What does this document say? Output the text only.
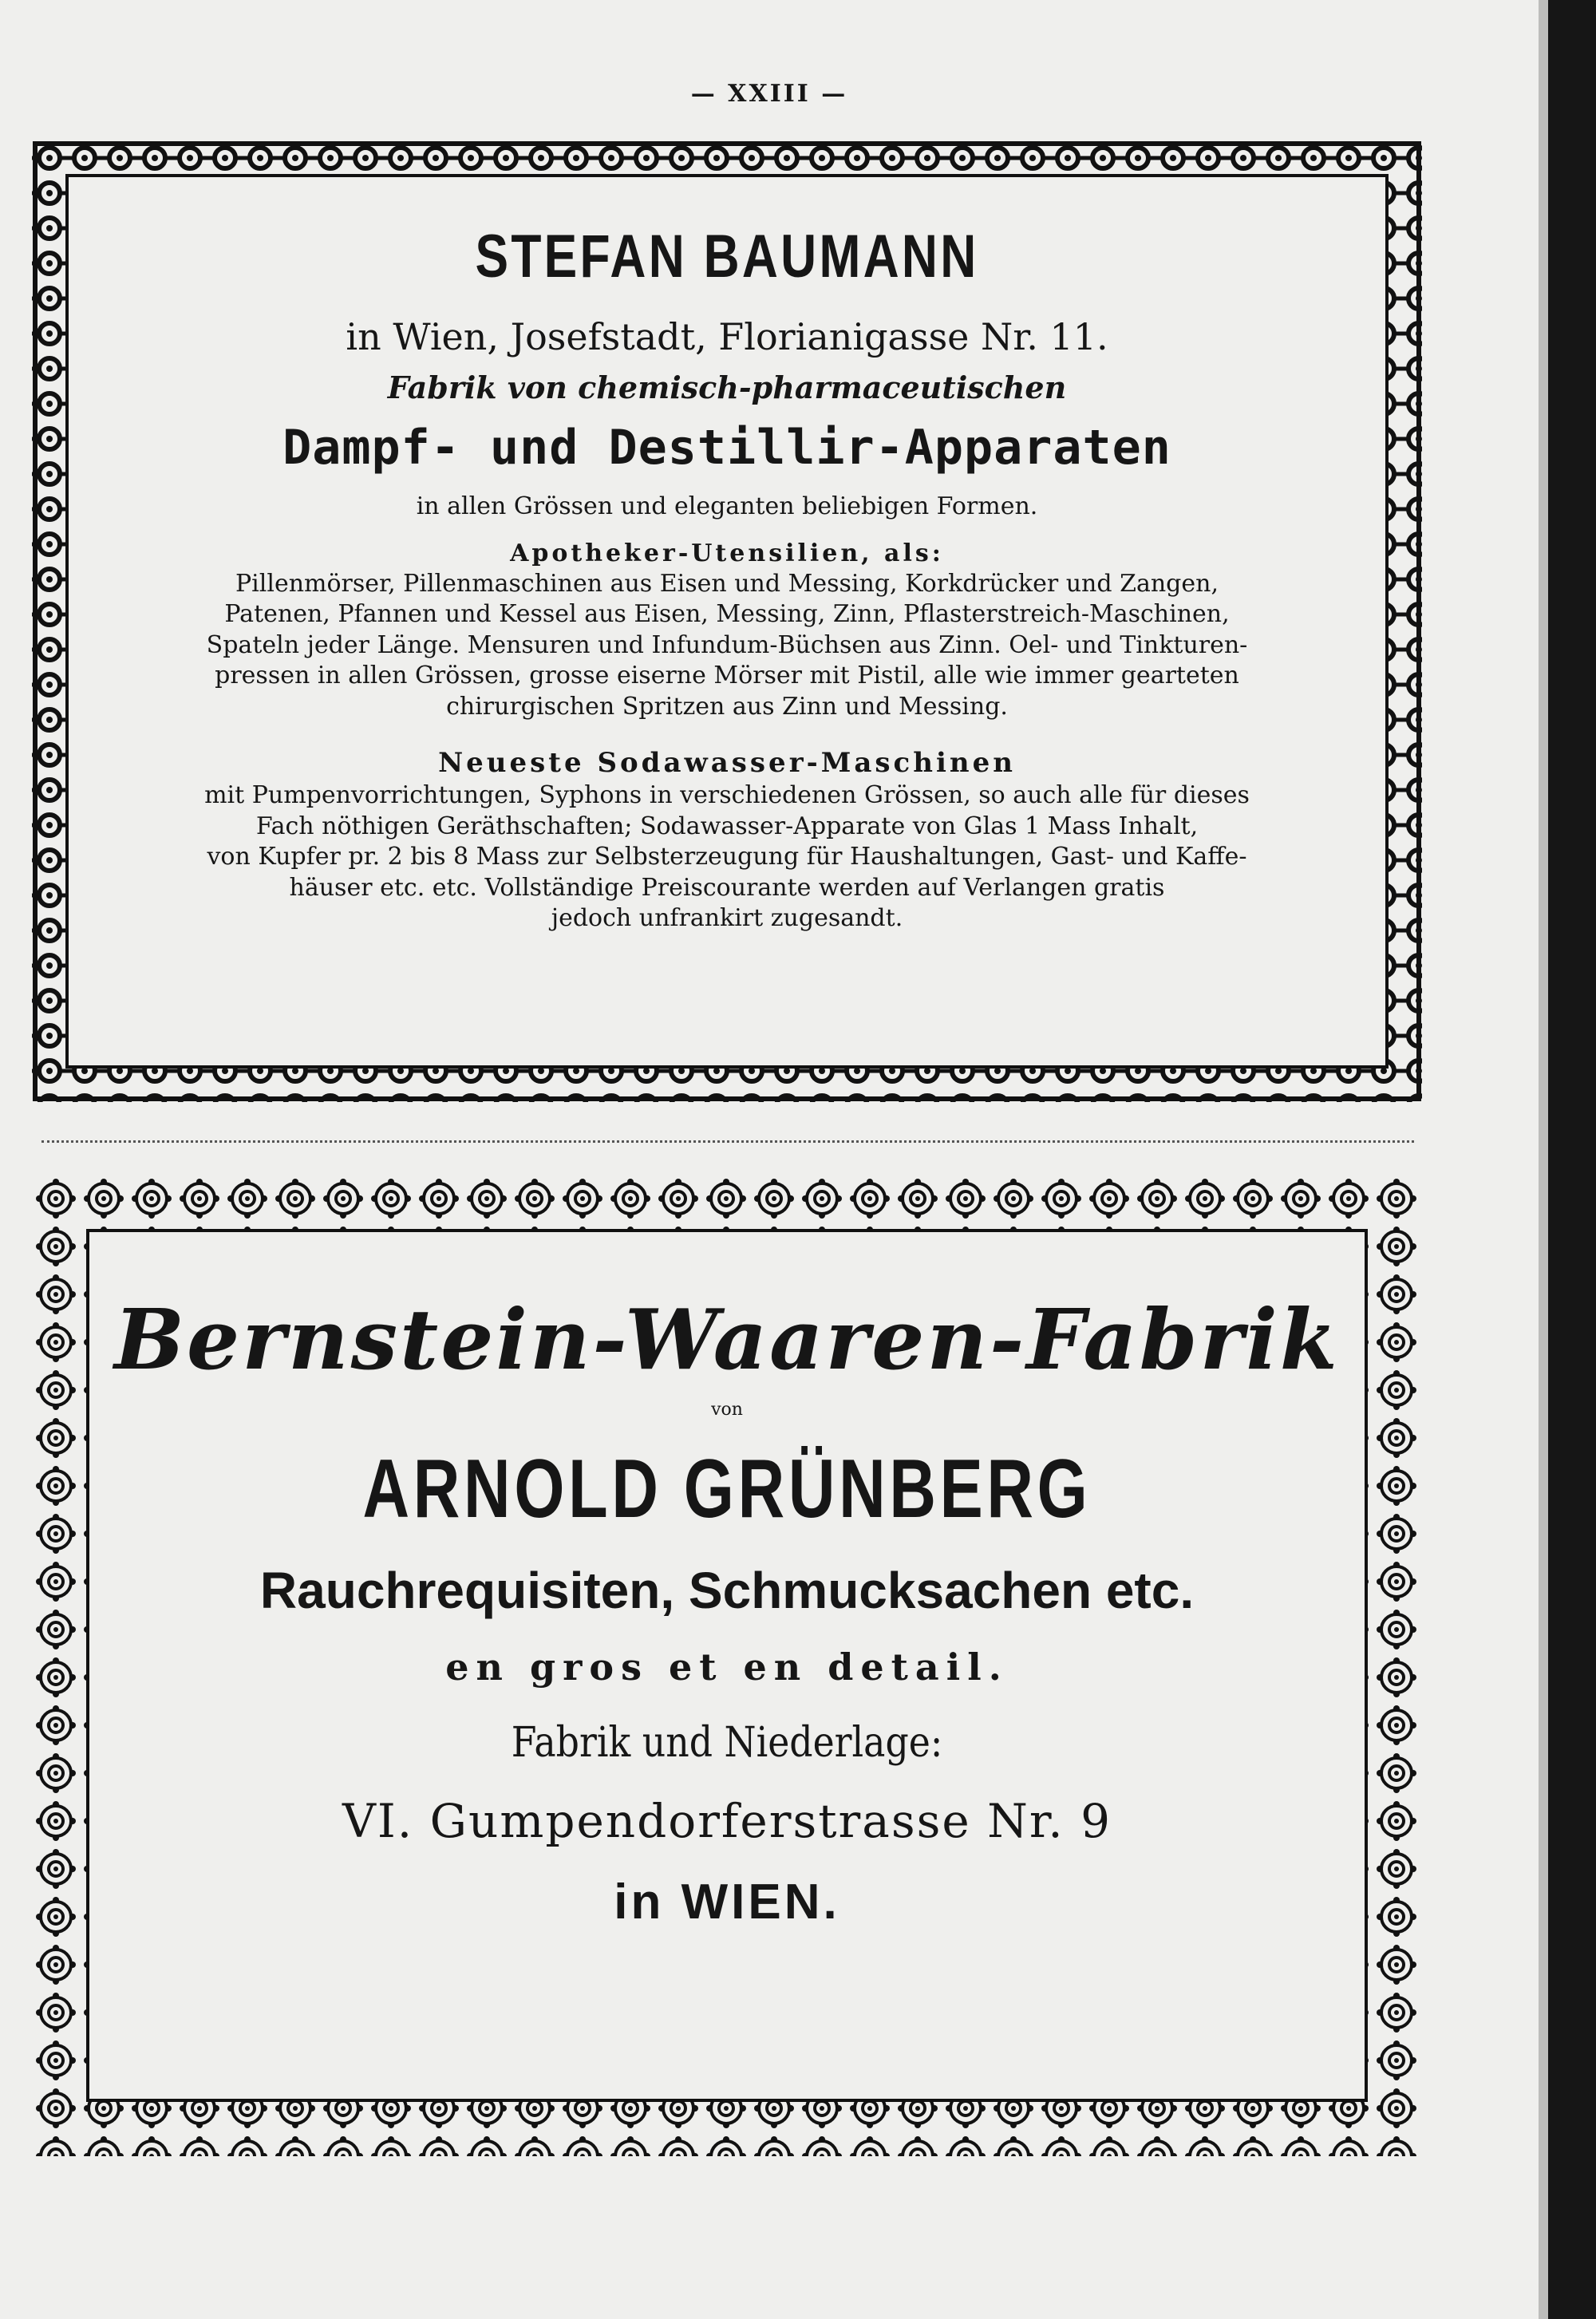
— XXIII —
STEFAN BAUMANN
in Wien, Josefstadt, Florianigasse Nr. 11.
Fabrik von chemisch-pharmaceutischen
Dampf- und Destillir-Apparaten
in allen Grössen und eleganten beliebigen Formen.
Apotheker-Utensilien, als:
Pillenmörser, Pillenmaschinen aus Eisen und Messing, Korkdrücker und Zangen,
Patenen, Pfannen und Kessel aus Eisen, Messing, Zinn, Pflasterstreich-Maschinen,
Spateln jeder Länge. Mensuren und Infundum-Büchsen aus Zinn. Oel- und Tinkturen-
pressen in allen Grössen, grosse eiserne Mörser mit Pistil, alle wie immer gearteten
chirurgischen Spritzen aus Zinn und Messing.
Neueste Sodawasser-Maschinen
mit Pumpenvorrichtungen, Syphons in verschiedenen Grössen, so auch alle für dieses
Fach nöthigen Geräthschaften; Sodawasser-Apparate von Glas 1 Mass Inhalt,
von Kupfer pr. 2 bis 8 Mass zur Selbsterzeugung für Haushaltungen, Gast- und Kaffe-
häuser etc. etc. Vollständige Preiscourante werden auf Verlangen gratis
jedoch unfrankirt zugesandt.
Bernstein-Waaren-Fabrik
von
ARNOLD GRÜNBERG
Rauchrequisiten, Schmucksachen etc.
en gros et en detail.
Fabrik und Niederlage:
VI. Gumpendorferstrasse Nr. 9
in WIEN.
